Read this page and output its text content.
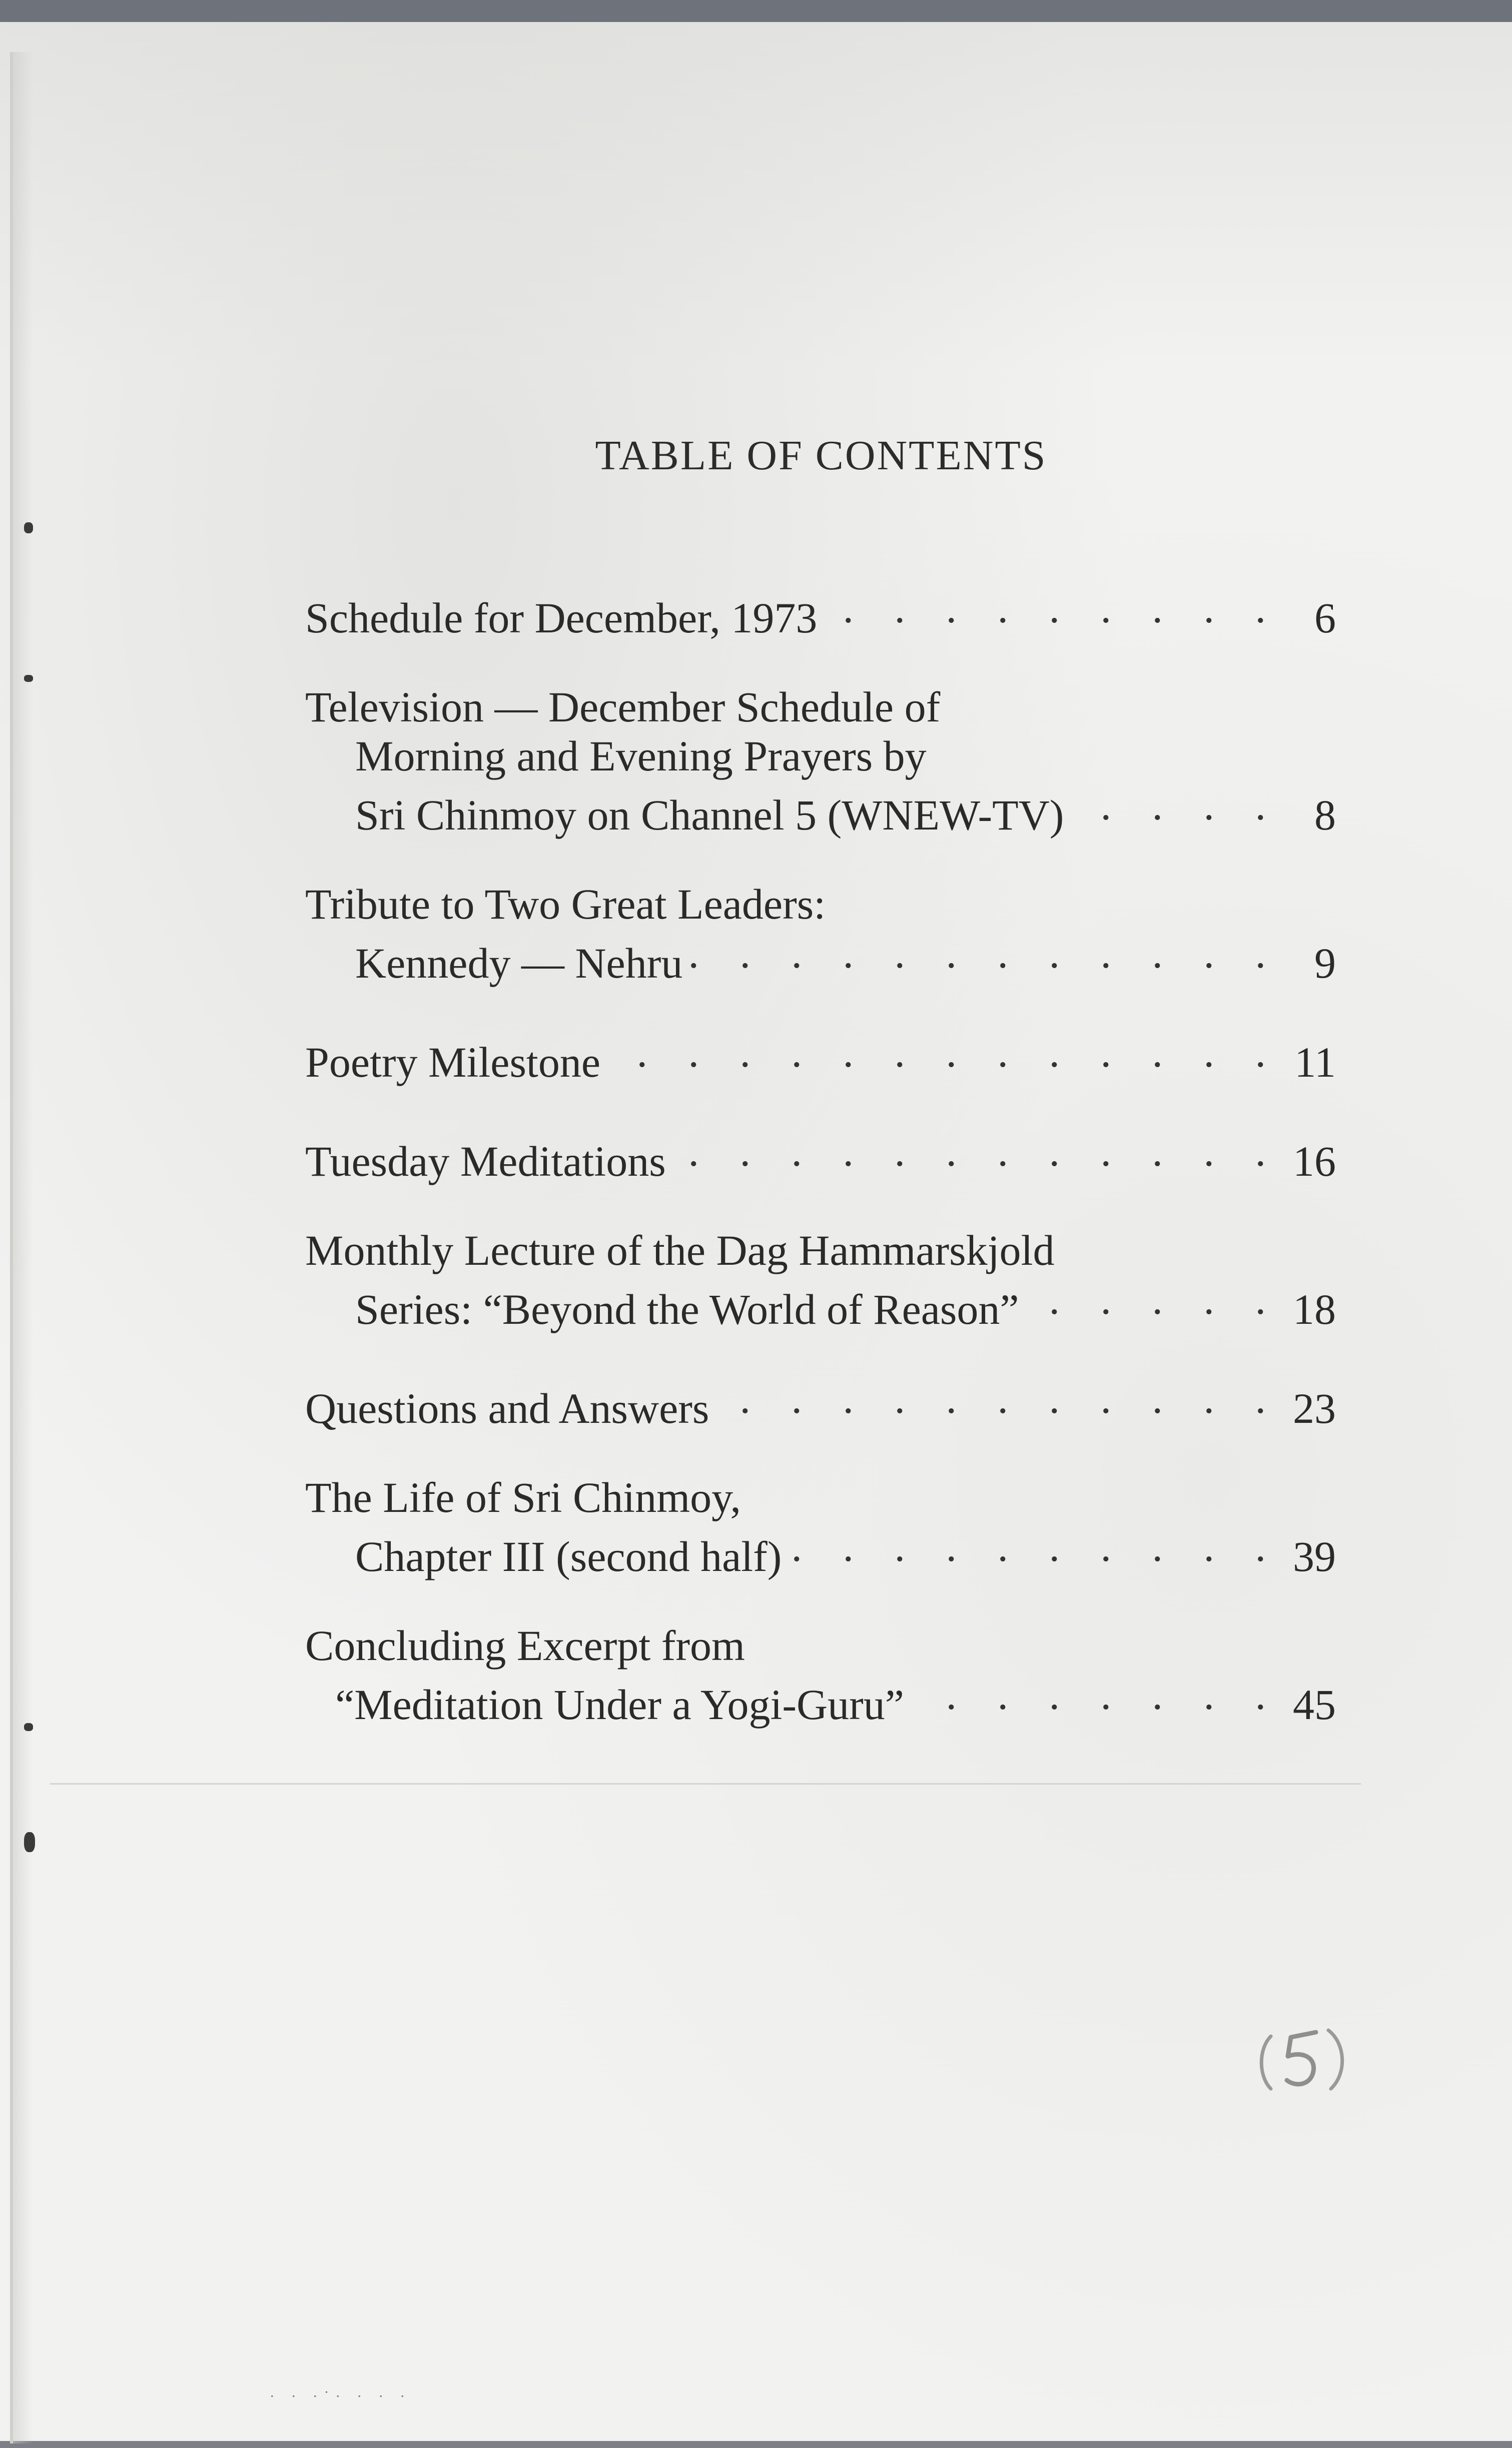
TABLE OF CONTENTS
Schedule for December, 1973 . . .	6
Television — December Schedule of
Morning and Evening Prayers by
Sri Chinmoy on Channel 5 (WNEW-TV) . . .	8
Tribute to Two Great Leaders:
Kennedy — Nehru . . .	9
Poetry Milestone . . .	11
Tuesday Meditations . . .	16
Monthly Lecture of the Dag Hammarskjold
Series: “Beyond the World of Reason” . . .	18
Questions and Answers . . .	23
The Life of Sri Chinmoy,
Chapter III (second half) . . .	39
Concluding Excerpt from
“Meditation Under a Yogi-Guru” . . .	45
. . .·. . . .
